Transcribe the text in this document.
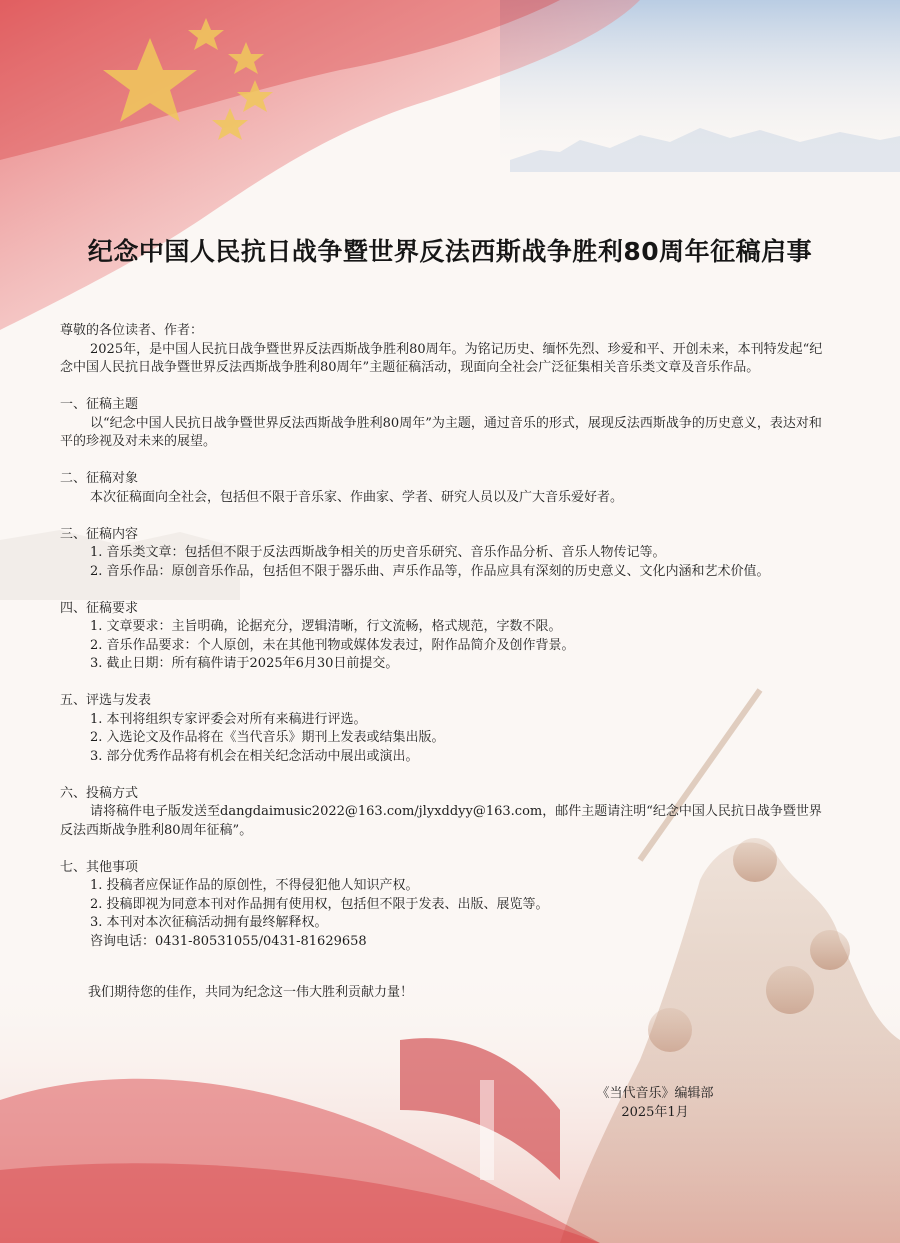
纪念中国人民抗日战争暨世界反法西斯战争胜利80周年征稿启事

尊敬的各位读者、作者：

2025年，是中国人民抗日战争暨世界反法西斯战争胜利80周年。为铭记历史、缅怀先烈、珍爱和平、开创未来，本刊特发起“纪念中国人民抗日战争暨世界反法西斯战争胜利80周年”主题征稿活动，现面向全社会广泛征集相关音乐类文章及音乐作品。

一、征稿主题

以“纪念中国人民抗日战争暨世界反法西斯战争胜利80周年”为主题，通过音乐的形式，展现反法西斯战争的历史意义，表达对和平的珍视及对未来的展望。

二、征稿对象

本次征稿面向全社会，包括但不限于音乐家、作曲家、学者、研究人员以及广大音乐爱好者。

三、征稿内容

1. 音乐类文章：包括但不限于反法西斯战争相关的历史音乐研究、音乐作品分析、音乐人物传记等。

2. 音乐作品：原创音乐作品，包括但不限于器乐曲、声乐作品等，作品应具有深刻的历史意义、文化内涵和艺术价值。

四、征稿要求

1. 文章要求：主旨明确，论据充分，逻辑清晰，行文流畅，格式规范，字数不限。

2. 音乐作品要求：个人原创，未在其他刊物或媒体发表过，附作品简介及创作背景。

3. 截止日期：所有稿件请于2025年6月30日前提交。

五、评选与发表

1. 本刊将组织专家评委会对所有来稿进行评选。

2. 入选论文及作品将在《当代音乐》期刊上发表或结集出版。

3. 部分优秀作品将有机会在相关纪念活动中展出或演出。

六、投稿方式

请将稿件电子版发送至dangdaimusic2022@163.com/jlyxddyy@163.com，邮件主题请注明“纪念中国人民抗日战争暨世界反法西斯战争胜利80周年征稿”。

七、其他事项

1. 投稿者应保证作品的原创性，不得侵犯他人知识产权。

2. 投稿即视为同意本刊对作品拥有使用权，包括但不限于发表、出版、展览等。

3. 本刊对本次征稿活动拥有最终解释权。

咨询电话：0431-80531055/0431-81629658

我们期待您的佳作，共同为纪念这一伟大胜利贡献力量！

《当代音乐》编辑部

2025年1月
